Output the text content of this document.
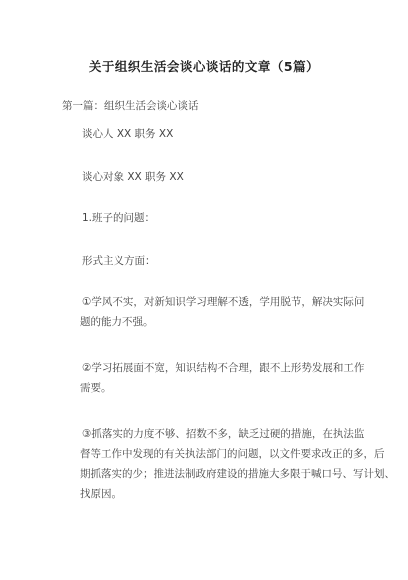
关于组织生活会谈心谈话的文章（5篇）
第一篇：组织生活会谈心谈话
谈心人 XX 职务 XX
谈心对象 XX 职务 XX
1.班子的问题：
形式主义方面：
①学风不实，对新知识学习理解不透，学用脱节，解决实际问
题的能力不强。
②学习拓展面不宽，知识结构不合理，跟不上形势发展和工作
需要。
③抓落实的力度不够、招数不多，缺乏过硬的措施，在执法监
督等工作中发现的有关执法部门的问题，以文件要求改正的多，后
期抓落实的少；推进法制政府建设的措施大多限于喊口号、写计划、
找原因。
